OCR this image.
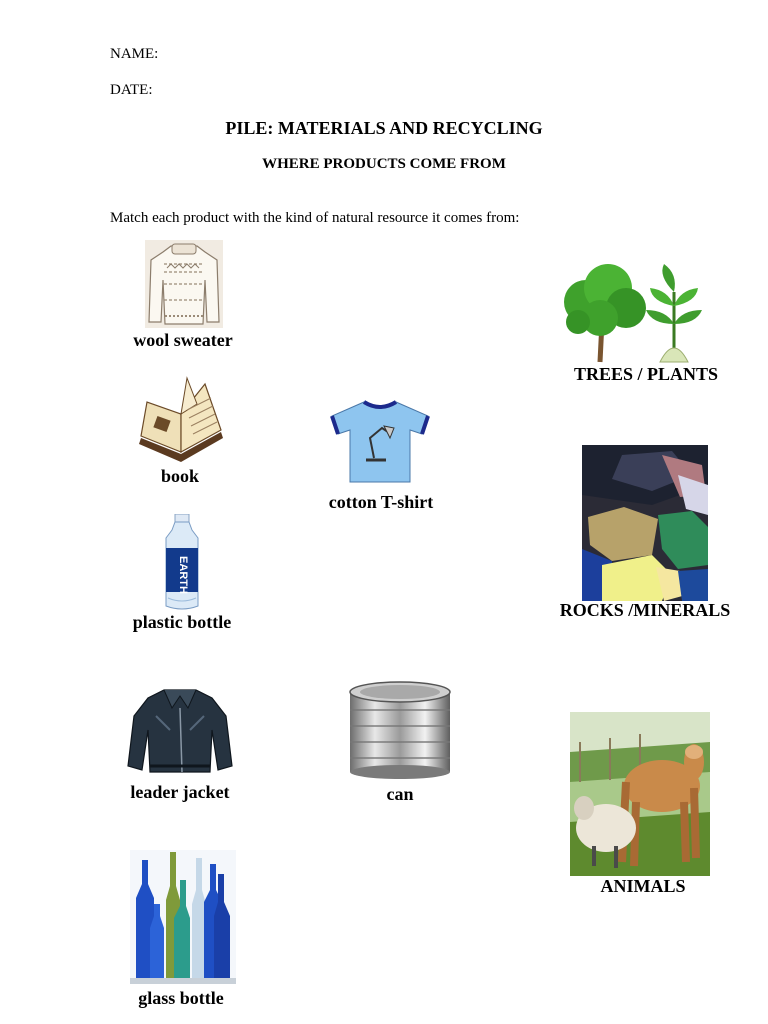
NAME:
DATE:
PILE: MATERIALS AND RECYCLING
WHERE PRODUCTS COME FROM
Match each product with the kind of natural resource it comes from:
wool sweater
book
cotton T-shirt
EARTH
plastic bottle
leader jacket	can
glass bottle
TREES / PLANTS
ROCKS /MINERALS
ANIMALS
